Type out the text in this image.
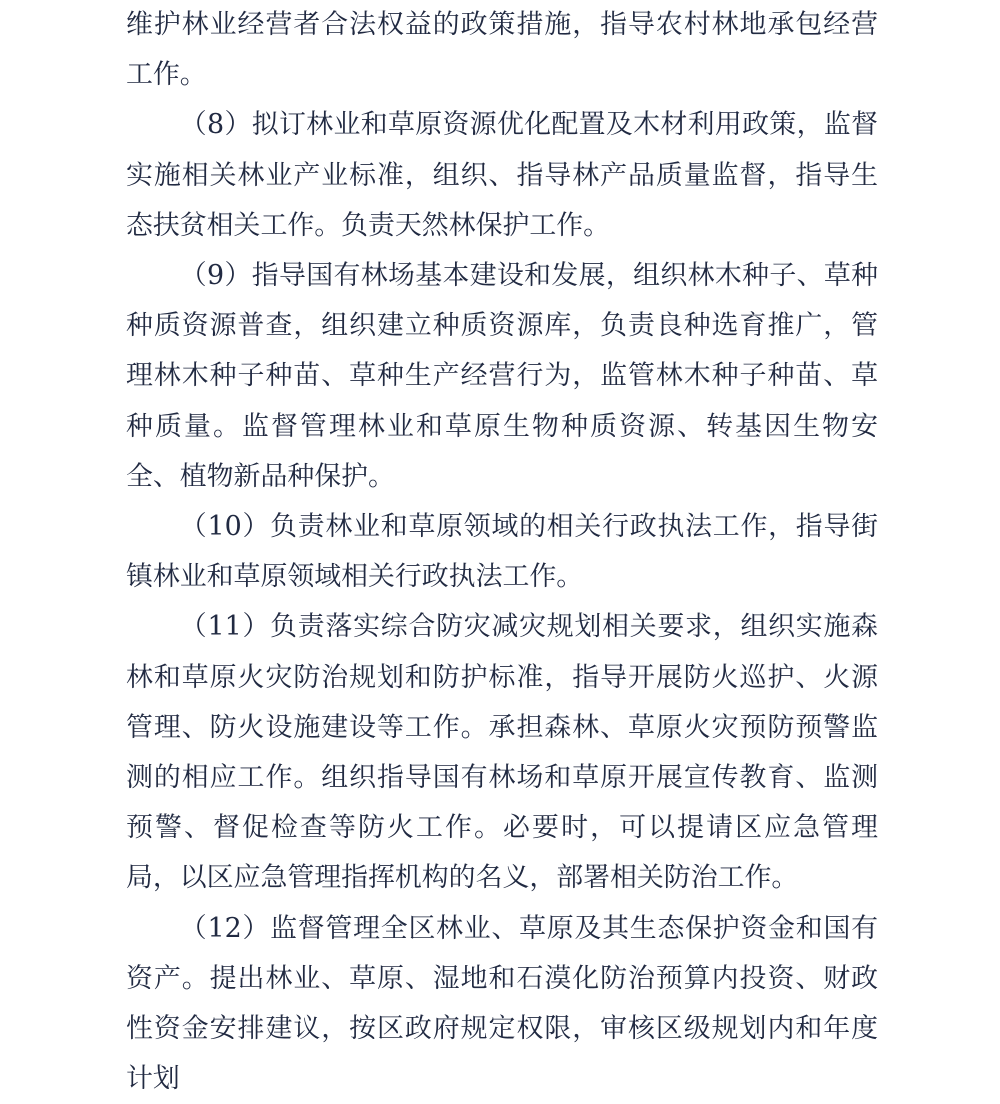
维护林业经营者合法权益的政策措施，指导农村林地承包经营工作。

（8）拟订林业和草原资源优化配置及木材利用政策，监督实施相关林业产业标准，组织、指导林产品质量监督，指导生态扶贫相关工作。负责天然林保护工作。

（9）指导国有林场基本建设和发展，组织林木种子、草种种质资源普查，组织建立种质资源库，负责良种选育推广，管理林木种子种苗、草种生产经营行为，监管林木种子种苗、草种质量。监督管理林业和草原生物种质资源、转基因生物安全、植物新品种保护。

（10）负责林业和草原领域的相关行政执法工作，指导街镇林业和草原领域相关行政执法工作。

（11）负责落实综合防灾减灾规划相关要求，组织实施森林和草原火灾防治规划和防护标准，指导开展防火巡护、火源管理、防火设施建设等工作。承担森林、草原火灾预防预警监测的相应工作。组织指导国有林场和草原开展宣传教育、监测预警、督促检查等防火工作。必要时，可以提请区应急管理局，以区应急管理指挥机构的名义，部署相关防治工作。

（12）监督管理全区林业、草原及其生态保护资金和国有资产。提出林业、草原、湿地和石漠化防治预算内投资、财政性资金安排建议，按区政府规定权限，审核区级规划内和年度计划
